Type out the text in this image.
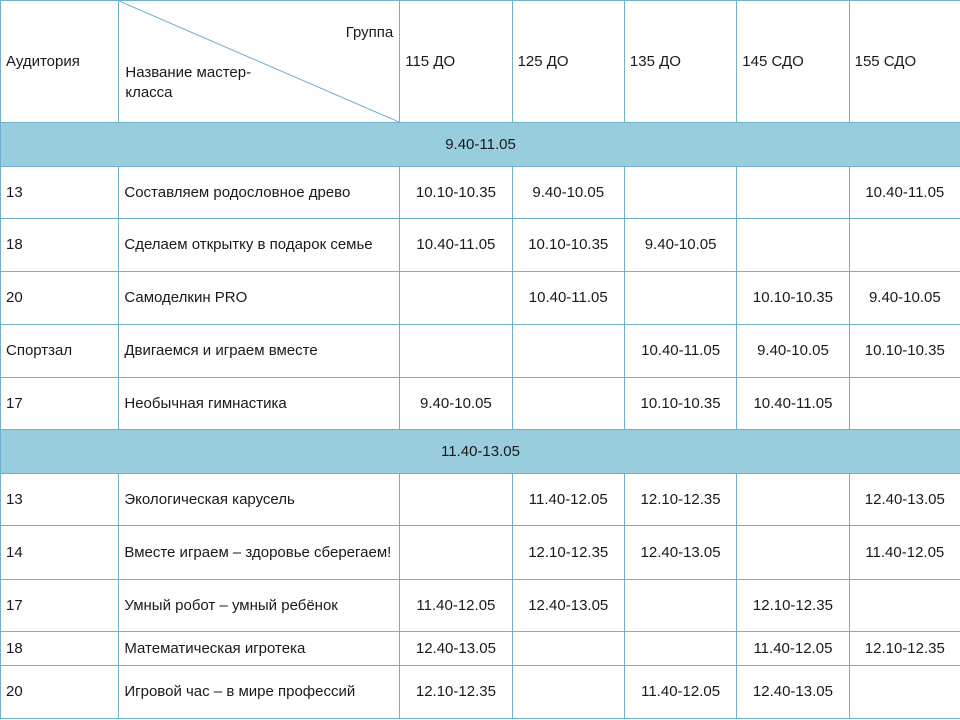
Аудитория	Группа
Название мастер-класса	115 ДО	125 ДО	135 ДО	145 СДО	155 СДО
9.40-11.05						
13	Составляем родословное древо	10.10-10.35	9.40-10.05			10.40-11.05
18	Сделаем открытку в подарок семье	10.40-11.05	10.10-10.35	9.40-10.05		
20	Самоделкин PRO		10.40-11.05		10.10-10.35	9.40-10.05
Спортзал	Двигаемся и играем вместе			10.40-11.05	9.40-10.05	10.10-10.35
17	Необычная гимнастика	9.40-10.05		10.10-10.35	10.40-11.05	
11.40-13.05						
13	Экологическая карусель		11.40-12.05	12.10-12.35		12.40-13.05
14	Вместе играем – здоровье сберегаем!		12.10-12.35	12.40-13.05		11.40-12.05
17	Умный робот – умный ребёнок	11.40-12.05	12.40-13.05		12.10-12.35	
18	Математическая игротека	12.40-13.05			11.40-12.05	12.10-12.35
20	Игровой час – в мире профессий	12.10-12.35		11.40-12.05	12.40-13.05	
